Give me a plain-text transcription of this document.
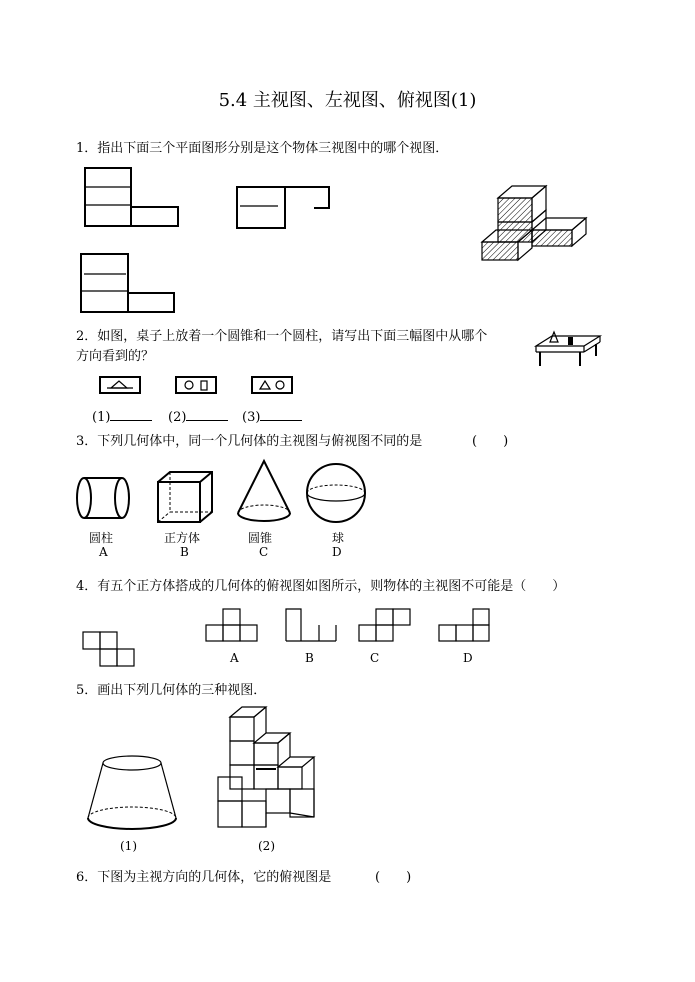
5.4 主视图、左视图、俯视图(1)
1．指出下面三个平面图形分别是这个物体三视图中的哪个视图．
2．如图，桌子上放着一个圆锥和一个圆柱，请写出下面三幅图中从哪个
方向看到的？
(1)	(2)	(3)
3．下列几何体中，同一个几何体的主视图与俯视图不同的是	(　　)
圆柱
A
正方体
B
圆锥
C
球
D
4．有五个正方体搭成的几何体的俯视图如图所示，则物体的主视图不可能是（　　）
A	B	C	D
5．画出下列几何体的三种视图．
(1)	(2)
6．下图为主视方向的几何体，它的俯视图是	(　　)
